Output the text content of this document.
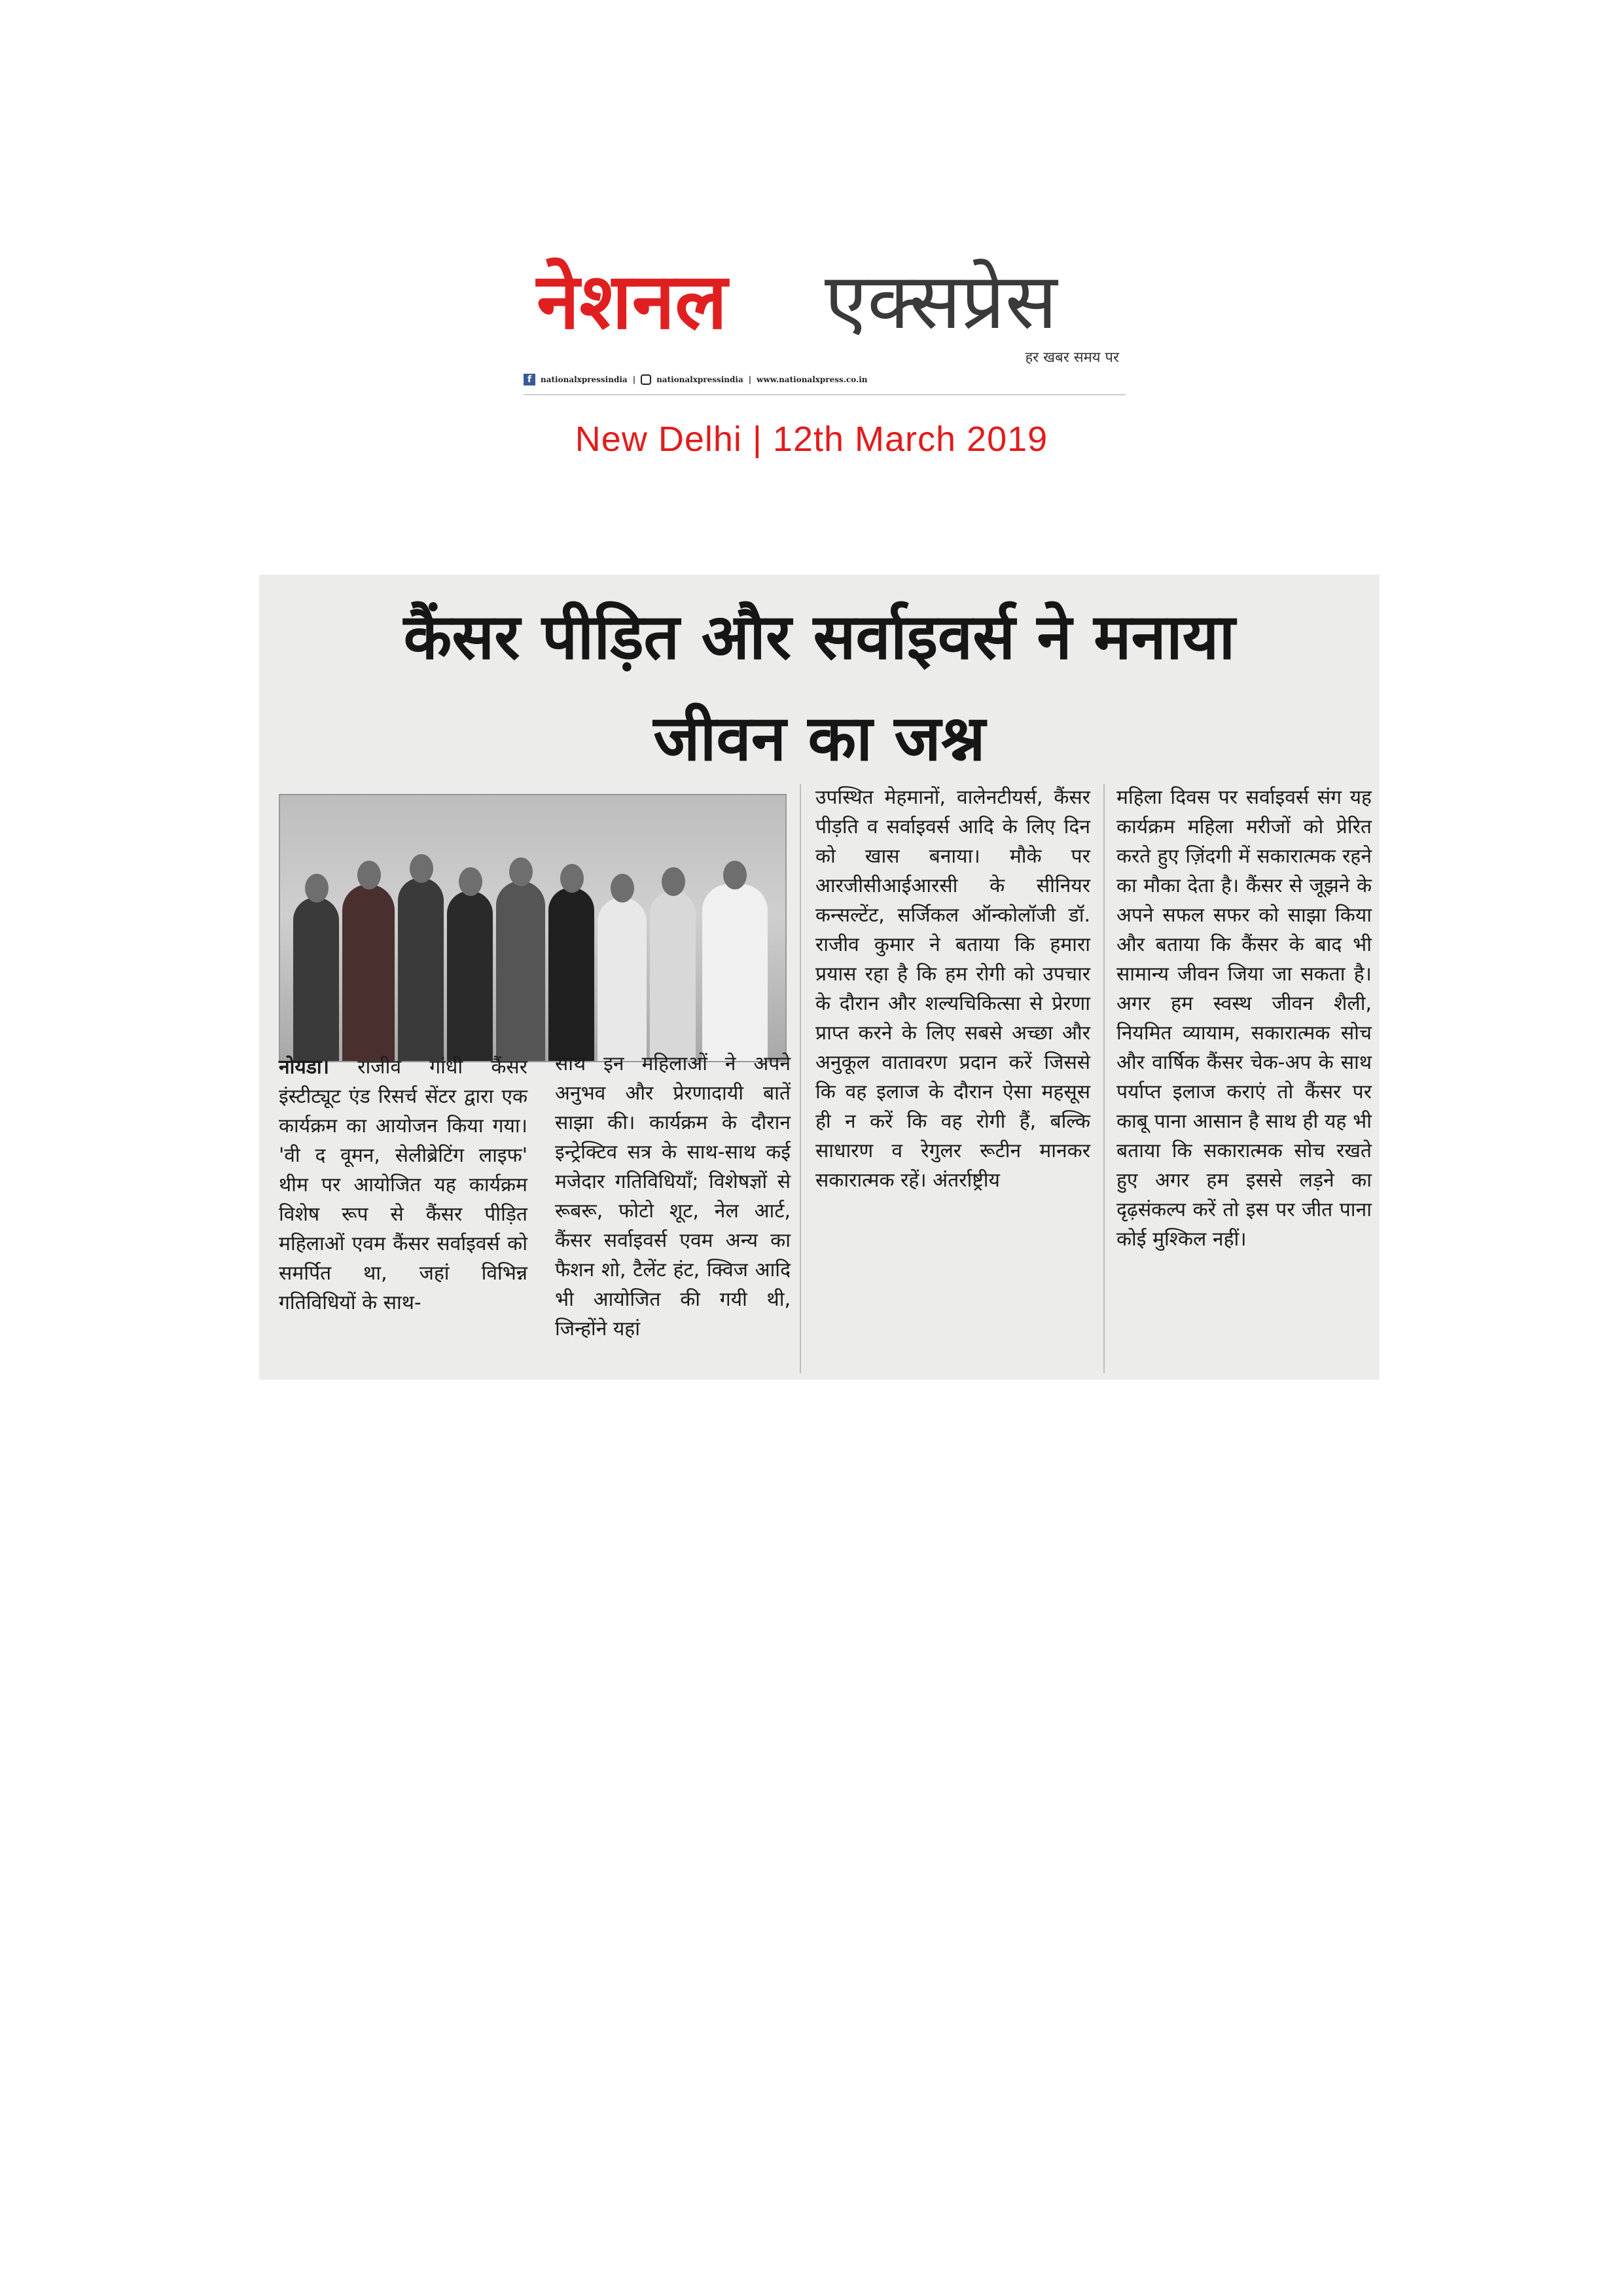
नेशनल एक्सप्रेस
हर खबर समय पर
f	nationalxpressindia |	nationalxpressindia | www.nationalxpress.co.in
New Delhi | 12th March 2019
कैंसर पीड़ित और सर्वाइवर्स ने मनाया
जीवन का जश्न
नोयडा। राजीव गांधी कैंसर इंस्टीट्यूट एंड रिसर्च सेंटर द्वारा एक कार्यक्रम का आयोजन किया गया। 'वी द वूमन, सेलीब्रेटिंग लाइफ' थीम पर आयोजित यह कार्यक्रम विशेष रूप से कैंसर पीड़ित महिलाओं एवम कैंसर सर्वाइवर्स को समर्पित था, जहां विभिन्न गतिविधियों के साथ-
साथ इन महिलाओं ने अपने अनुभव और प्रेरणादायी बातें साझा की। कार्यक्रम के दौरान इन्ट्रेक्टिव सत्र के साथ-साथ कई मजेदार गतिविधियाँ; विशेषज्ञों से रूबरू, फोटो शूट, नेल आर्ट, कैंसर सर्वाइवर्स एवम अन्य का फैशन शो, टैलेंट हंट, क्विज आदि भी आयोजित की गयी थी, जिन्होंने यहां
उपस्थित मेहमानों, वालेनटीयर्स, कैंसर पीड़ति व सर्वाइवर्स आदि के लिए दिन को खास बनाया। मौके पर आरजीसीआईआरसी के सीनियर कन्सल्टेंट, सर्जिकल ऑन्कोलॉजी डॉ. राजीव कुमार ने बताया कि हमारा प्रयास रहा है कि हम रोगी को उपचार के दौरान और शल्यचिकित्सा से प्रेरणा प्राप्त करने के लिए सबसे अच्छा और अनुकूल वातावरण प्रदान करें जिससे कि वह इलाज के दौरान ऐसा महसूस ही न करें कि वह रोगी हैं, बल्कि साधारण व रेगुलर रूटीन मानकर सकारात्मक रहें। अंतर्राष्ट्रीय
महिला दिवस पर सर्वाइवर्स संग यह कार्यक्रम महिला मरीजों को प्रेरित करते हुए ज़िंदगी में सकारात्मक रहने का मौका देता है। कैंसर से जूझने के अपने सफल सफर को साझा किया और बताया कि कैंसर के बाद भी सामान्य जीवन जिया जा सकता है। अगर हम स्वस्थ जीवन शैली, नियमित व्यायाम, सकारात्मक सोच और वार्षिक कैंसर चेक-अप के साथ पर्याप्त इलाज कराएं तो कैंसर पर काबू पाना आसान है साथ ही यह भी बताया कि सकारात्मक सोच रखते हुए अगर हम इससे लड़ने का दृढ़संकल्प करें तो इस पर जीत पाना कोई मुश्किल नहीं।
